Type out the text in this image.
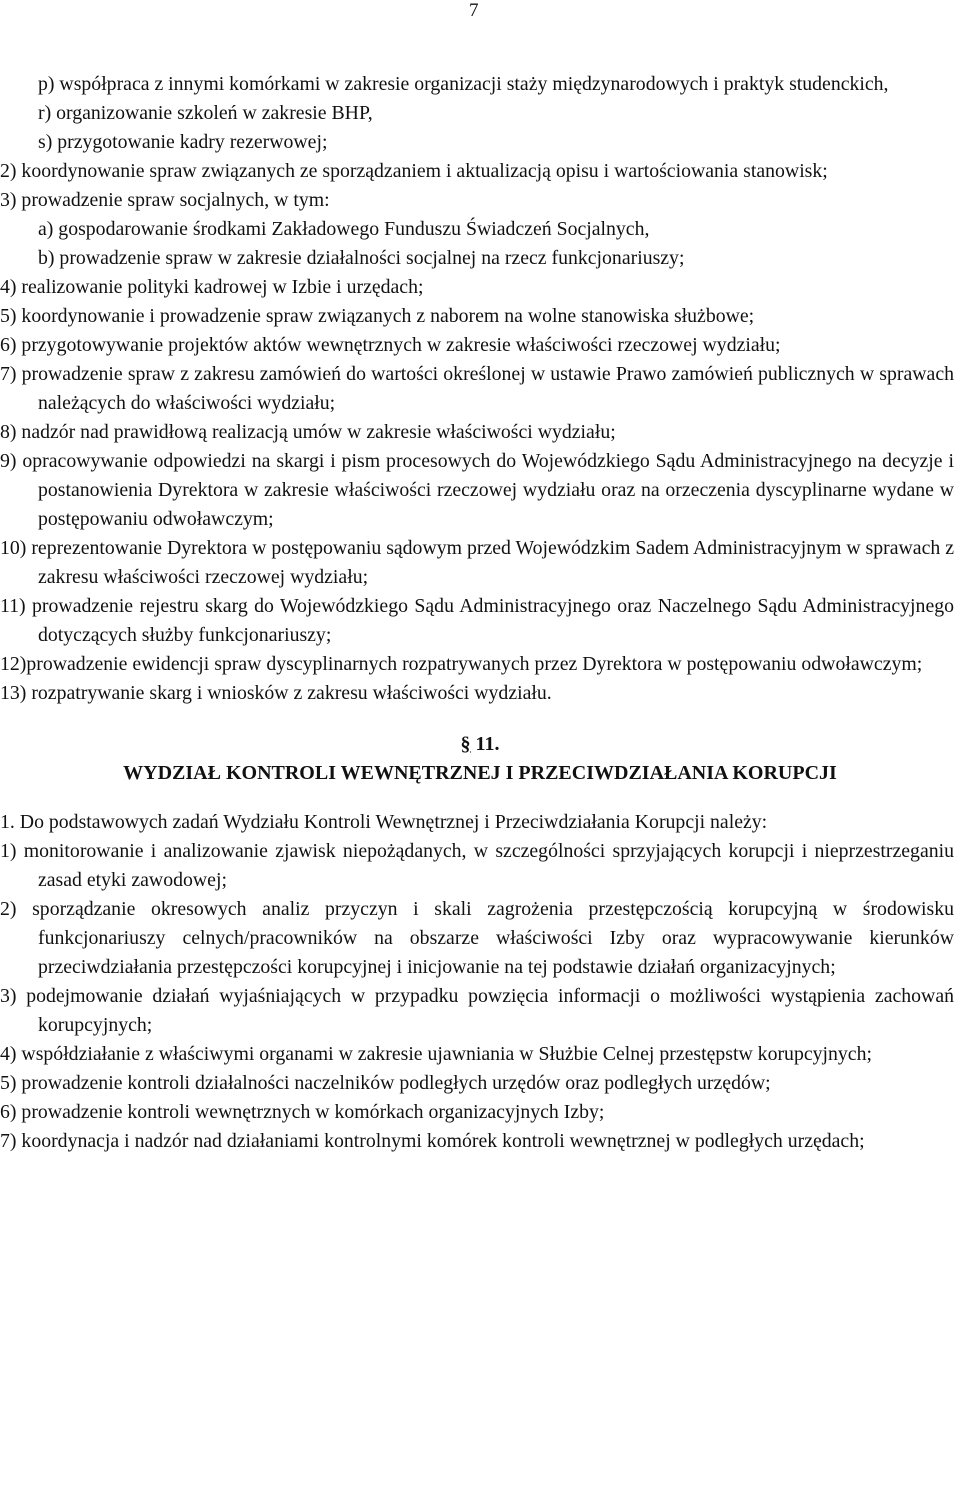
7

p) współpraca z innymi komórkami w zakresie organizacji staży międzynarodowych i praktyk studenckich,

r) organizowanie szkoleń w zakresie BHP,

s) przygotowanie kadry rezerwowej;

2) koordynowanie spraw związanych ze sporządzaniem i aktualizacją opisu i wartościowania stanowisk;

3) prowadzenie spraw socjalnych, w tym:

a) gospodarowanie środkami Zakładowego Funduszu Świadczeń Socjalnych,

b) prowadzenie spraw w zakresie działalności socjalnej na rzecz funkcjonariuszy;

4) realizowanie polityki kadrowej w Izbie i urzędach;

5) koordynowanie i prowadzenie spraw związanych z naborem na wolne stanowiska służbowe;

6) przygotowywanie projektów aktów wewnętrznych w zakresie właściwości rzeczowej wydziału;

7) prowadzenie spraw z zakresu zamówień do wartości określonej w ustawie Prawo zamówień publicznych w sprawach należących do właściwości wydziału;

8) nadzór nad prawidłową realizacją umów w zakresie właściwości wydziału;

9) opracowywanie odpowiedzi na skargi i pism procesowych do Wojewódzkiego Sądu Administracyjnego na decyzje i postanowienia Dyrektora w zakresie właściwości rzeczowej wydziału oraz na orzeczenia dyscyplinarne wydane w postępowaniu odwoławczym;

10) reprezentowanie Dyrektora w postępowaniu sądowym przed Wojewódzkim Sadem Administracyjnym w sprawach z zakresu właściwości rzeczowej wydziału;

11) prowadzenie rejestru skarg do Wojewódzkiego Sądu Administracyjnego oraz Naczelnego Sądu Administracyjnego dotyczących służby funkcjonariuszy;

12)prowadzenie ewidencji spraw dyscyplinarnych rozpatrywanych przez Dyrektora w postępowaniu odwoławczym;

13) rozpatrywanie skarg i wniosków z zakresu właściwości wydziału.

§ 11.
WYDZIAŁ KONTROLI WEWNĘTRZNEJ I PRZECIWDZIAŁANIA KORUPCJI

1. Do podstawowych zadań Wydziału Kontroli Wewnętrznej i Przeciwdziałania Korupcji należy:

1) monitorowanie i analizowanie zjawisk niepożądanych, w szczególności sprzyjających korupcji i nieprzestrzeganiu zasad etyki zawodowej;

2) sporządzanie okresowych analiz przyczyn i skali zagrożenia przestępczością korupcyjną w środowisku funkcjonariuszy celnych/pracowników na obszarze właściwości Izby oraz wypracowywanie kierunków przeciwdziałania przestępczości korupcyjnej i inicjowanie na tej podstawie działań organizacyjnych;

3) podejmowanie działań wyjaśniających w przypadku powzięcia informacji o możliwości wystąpienia zachowań korupcyjnych;

4) współdziałanie z właściwymi organami w zakresie ujawniania w Służbie Celnej przestępstw korupcyjnych;

5) prowadzenie kontroli działalności naczelników podległych urzędów oraz podległych urzędów;

6) prowadzenie kontroli wewnętrznych w komórkach organizacyjnych Izby;

7) koordynacja i nadzór nad działaniami kontrolnymi komórek kontroli wewnętrznej w podległych urzędach;
